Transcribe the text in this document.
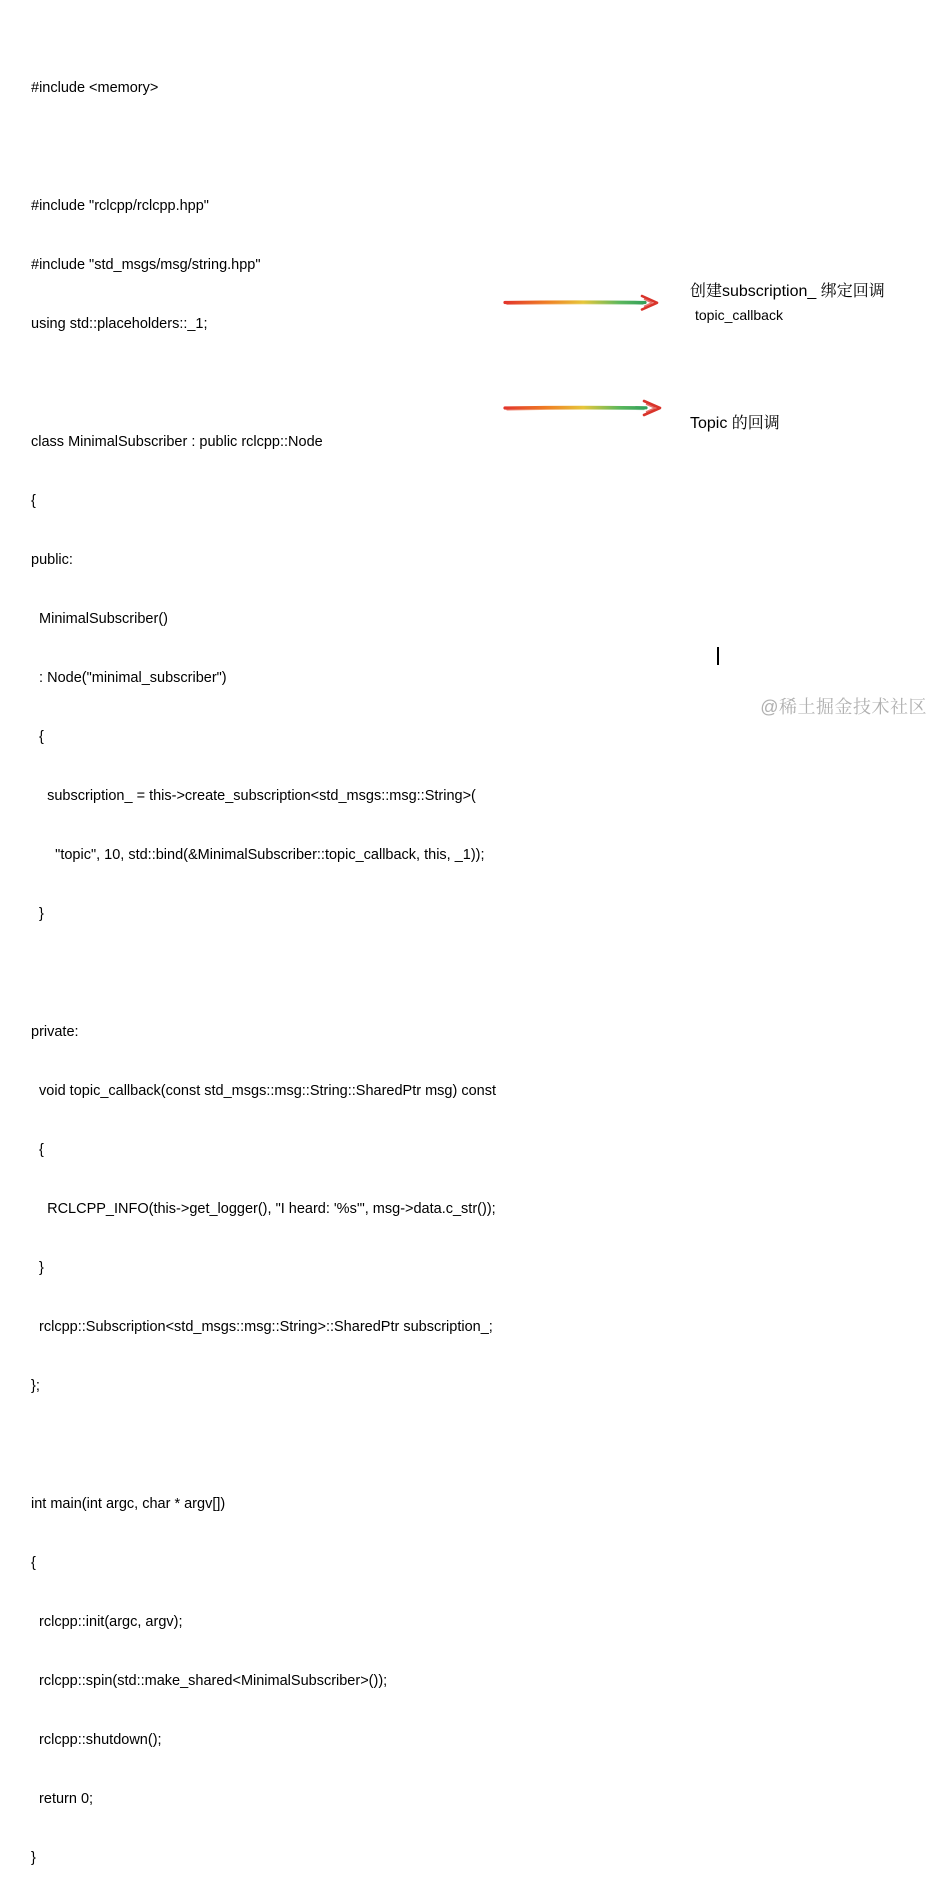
#include <memory>

#include "rclcpp/rclcpp.hpp"

#include "std_msgs/msg/string.hpp"

using std::placeholders::_1;

class MinimalSubscriber : public rclcpp::Node

{

public:

MinimalSubscriber()

: Node("minimal_subscriber")

{

subscription_ = this->create_subscription<std_msgs::msg::String>(

"topic", 10, std::bind(&MinimalSubscriber::topic_callback, this, _1));

}

private:

void topic_callback(const std_msgs::msg::String::SharedPtr msg) const

{

RCLCPP_INFO(this->get_logger(), "I heard: '%s'", msg->data.c_str());

}

rclcpp::Subscription<std_msgs::msg::String>::SharedPtr subscription_;

};

int main(int argc, char * argv[])

{

rclcpp::init(argc, argv);

rclcpp::spin(std::make_shared<MinimalSubscriber>());

rclcpp::shutdown();

return 0;

}

创建subscription_ 绑定回调
topic_callback
Topic 的回调
@稀土掘金技术社区
